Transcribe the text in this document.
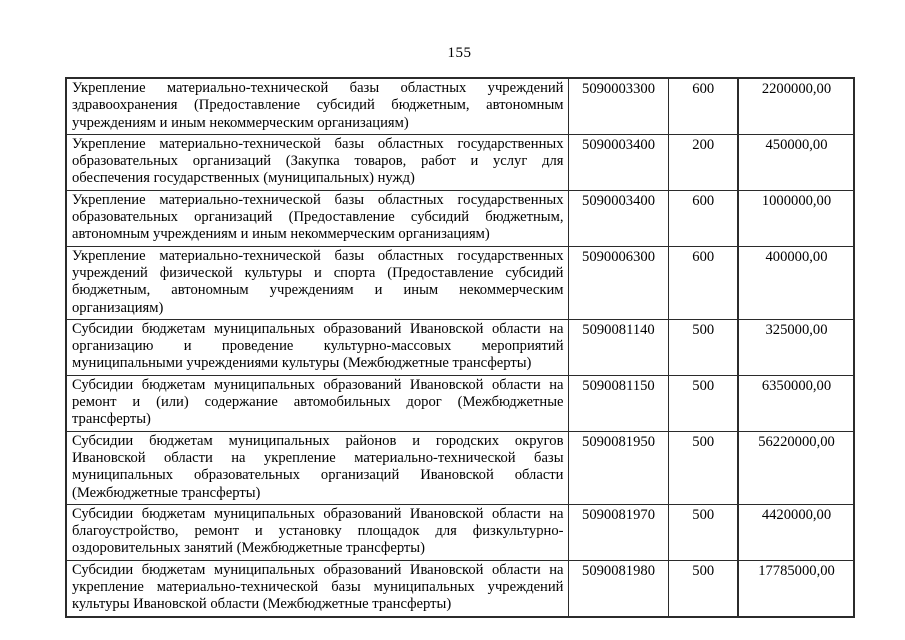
155
Укрепление материально-технической базы областных учреждений здравоохранения (Предоставление субсидий бюджетным, автономным учреждениям и иным некоммерческим организациям)	5090003300	600	2200000,00
Укрепление материально-технической базы областных государственных образовательных организаций (Закупка товаров, работ и услуг для обеспечения государственных (муниципальных) нужд)	5090003400	200	450000,00
Укрепление материально-технической базы областных государственных образовательных организаций (Предоставление субсидий бюджетным, автономным учреждениям и иным некоммерческим организациям)	5090003400	600	1000000,00
Укрепление материально-технической базы областных государственных учреждений физической культуры и спорта (Предоставление субсидий бюджетным, автономным учреждениям и иным некоммерческим организациям)	5090006300	600	400000,00
Субсидии бюджетам муниципальных образований Ивановской области на организацию и проведение культурно-массовых мероприятий муниципальными учреждениями культуры (Межбюджетные трансферты)	5090081140	500	325000,00
Субсидии бюджетам муниципальных образований Ивановской области на ремонт и (или) содержание автомобильных дорог (Межбюджетные трансферты)	5090081150	500	6350000,00
Субсидии бюджетам муниципальных районов и городских округов Ивановской области на укрепление материально-технической базы муниципальных образовательных организаций Ивановской области (Межбюджетные трансферты)	5090081950	500	56220000,00
Субсидии бюджетам муниципальных образований Ивановской области на благоустройство, ремонт и установку площадок для физкультурно-оздоровительных занятий (Межбюджетные трансферты)	5090081970	500	4420000,00
Субсидии бюджетам муниципальных образований Ивановской области на укрепление материально-технической базы муниципальных учреждений культуры Ивановской области (Межбюджетные трансферты)	5090081980	500	17785000,00
